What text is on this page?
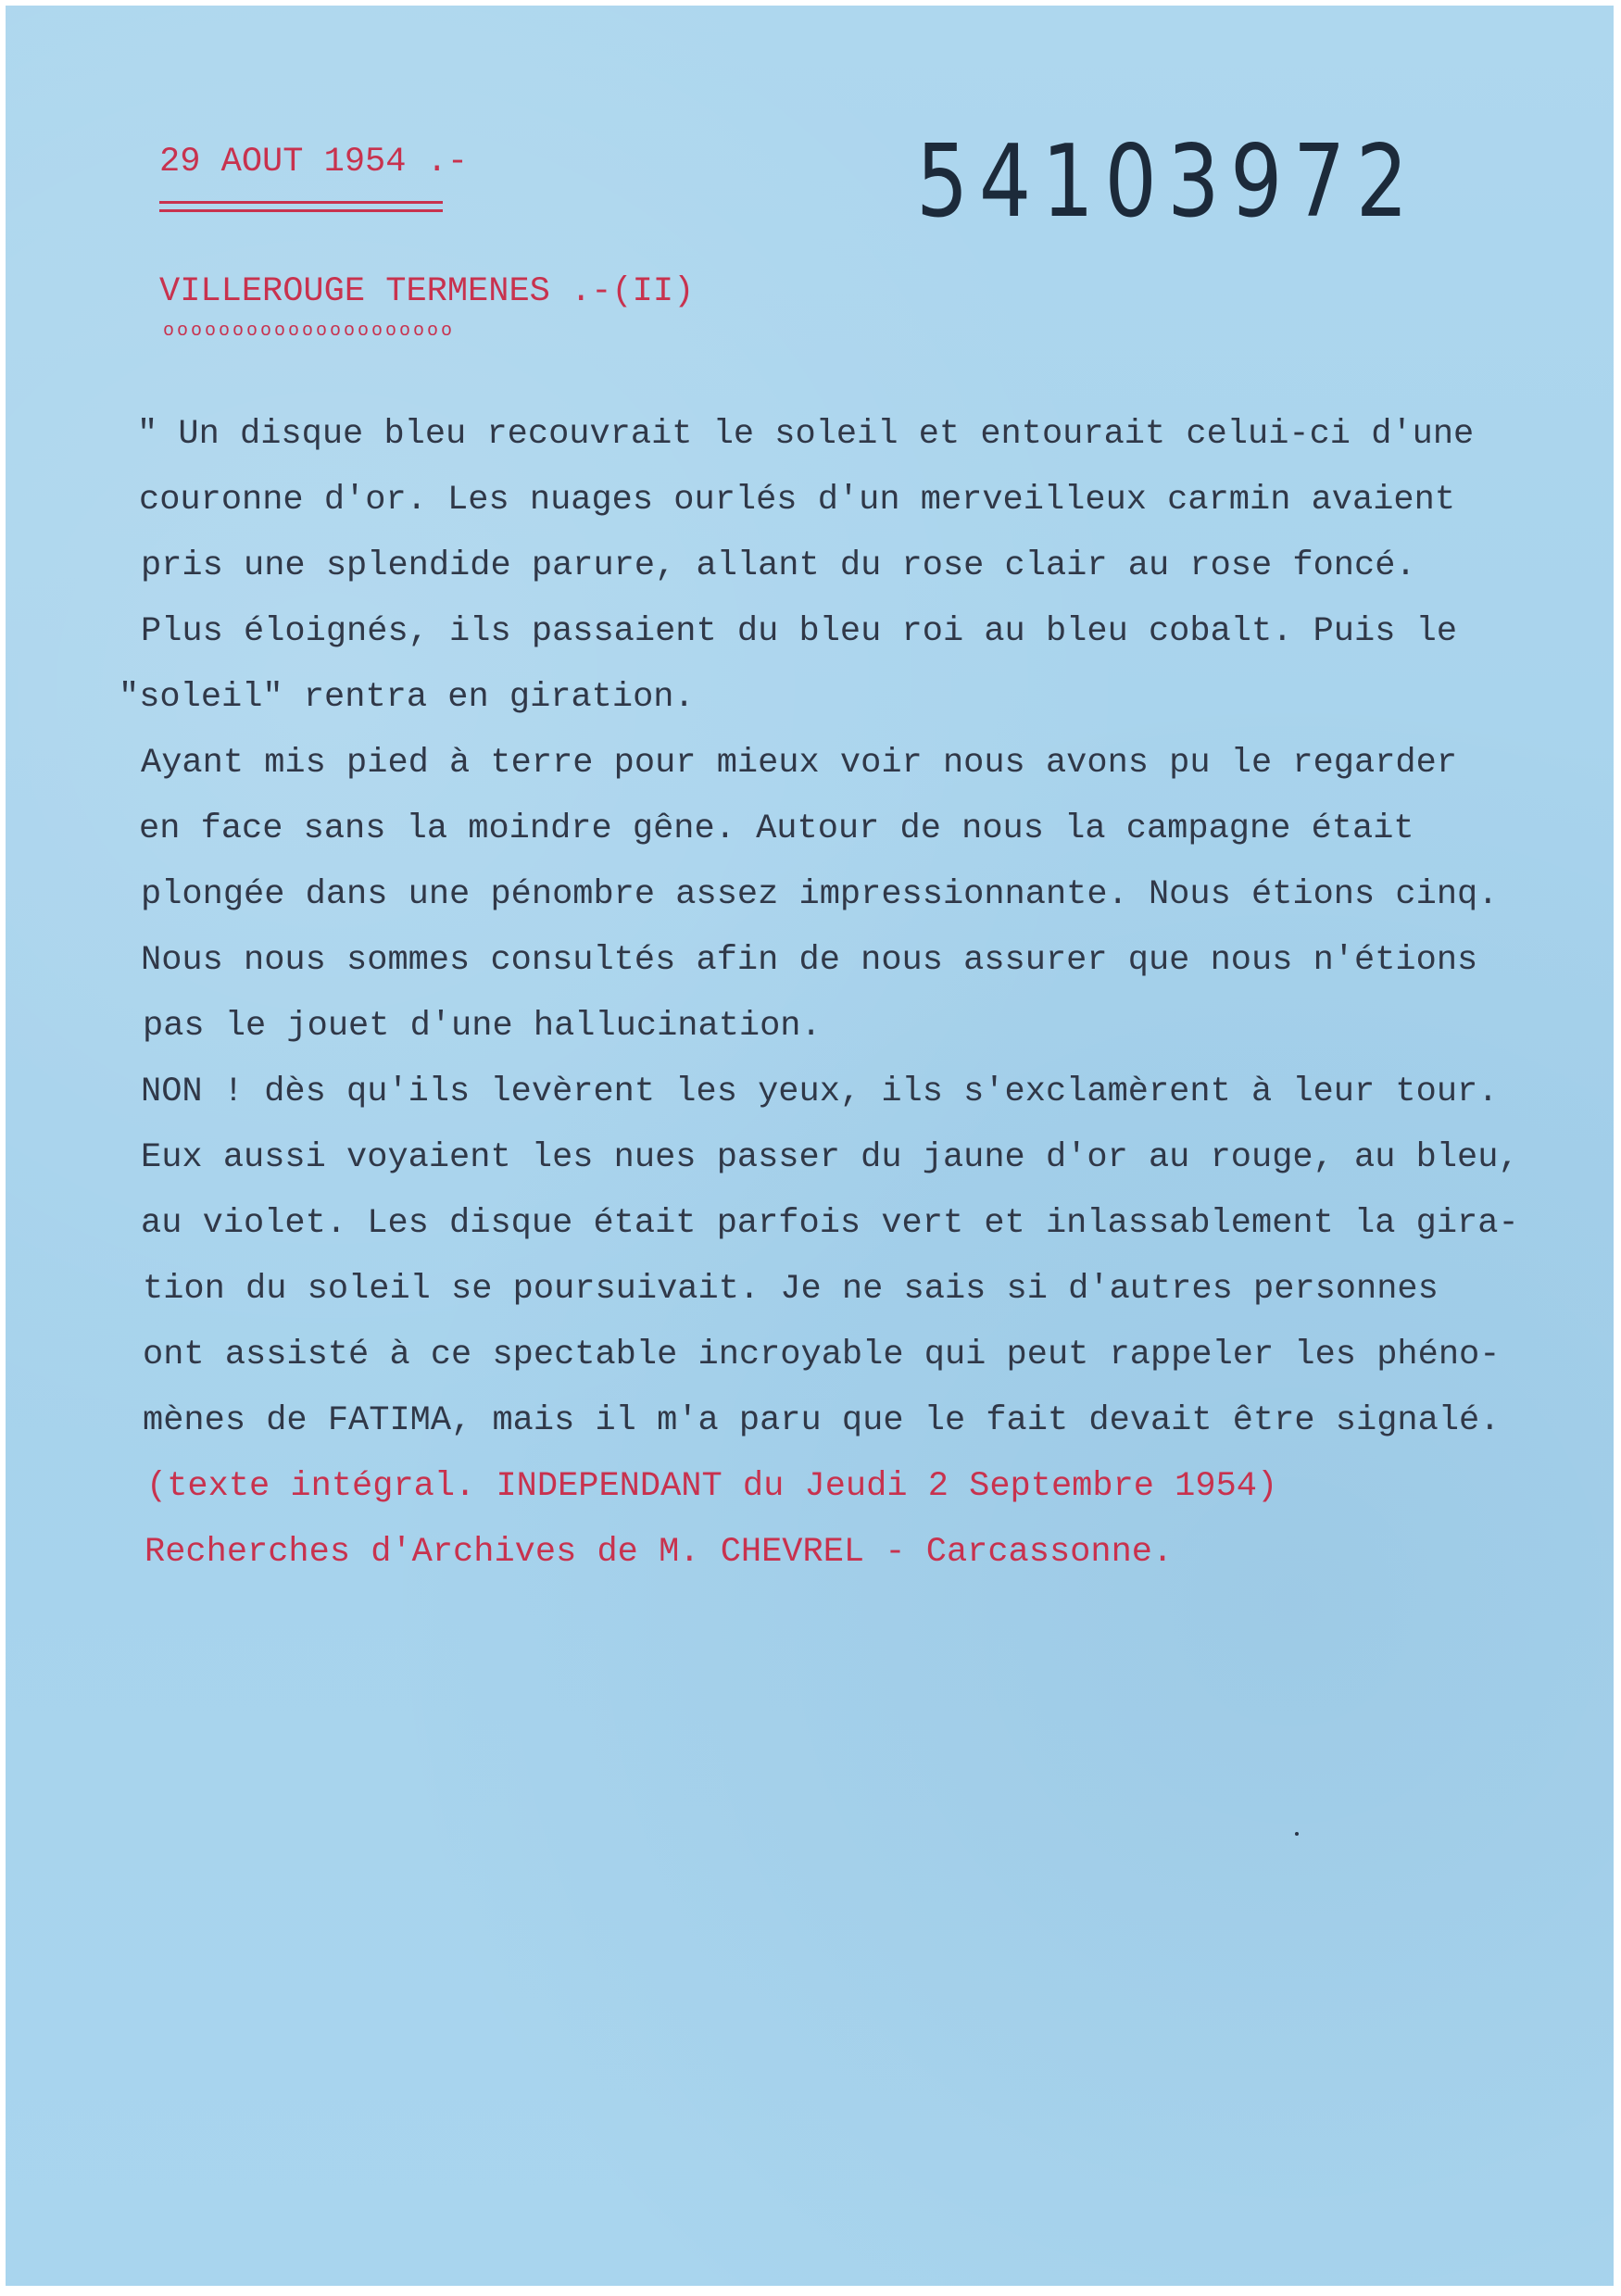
29 AOUT 1954 .-	54103972
VILLEROUGE TERMENES .-(II)
ooooooooooooooooooooo
" Un disque bleu recouvrait le soleil et entourait celui-ci d'une
couronne d'or. Les nuages ourlés d'un merveilleux carmin avaient
pris une splendide parure, allant du rose clair au rose foncé.
Plus éloignés, ils passaient du bleu roi au bleu cobalt. Puis le
"soleil" rentra en giration.
Ayant mis pied à terre pour mieux voir nous avons pu le regarder
en face sans la moindre gêne. Autour de nous la campagne était
plongée dans une pénombre assez impressionnante. Nous étions cinq.
Nous nous sommes consultés afin de nous assurer que nous n'étions
pas le jouet d'une hallucination.
NON ! dès qu'ils levèrent les yeux, ils s'exclamèrent à leur tour.
Eux aussi voyaient les nues passer du jaune d'or au rouge, au bleu,
au violet. Les disque était parfois vert et inlassablement la gira-
tion du soleil se poursuivait. Je ne sais si d'autres personnes
ont assisté à ce spectable incroyable qui peut rappeler les phéno-
mènes de FATIMA, mais il m'a paru que le fait devait être signalé.
(texte intégral. INDEPENDANT du Jeudi 2 Septembre 1954)
Recherches d'Archives de M. CHEVREL - Carcassonne.
